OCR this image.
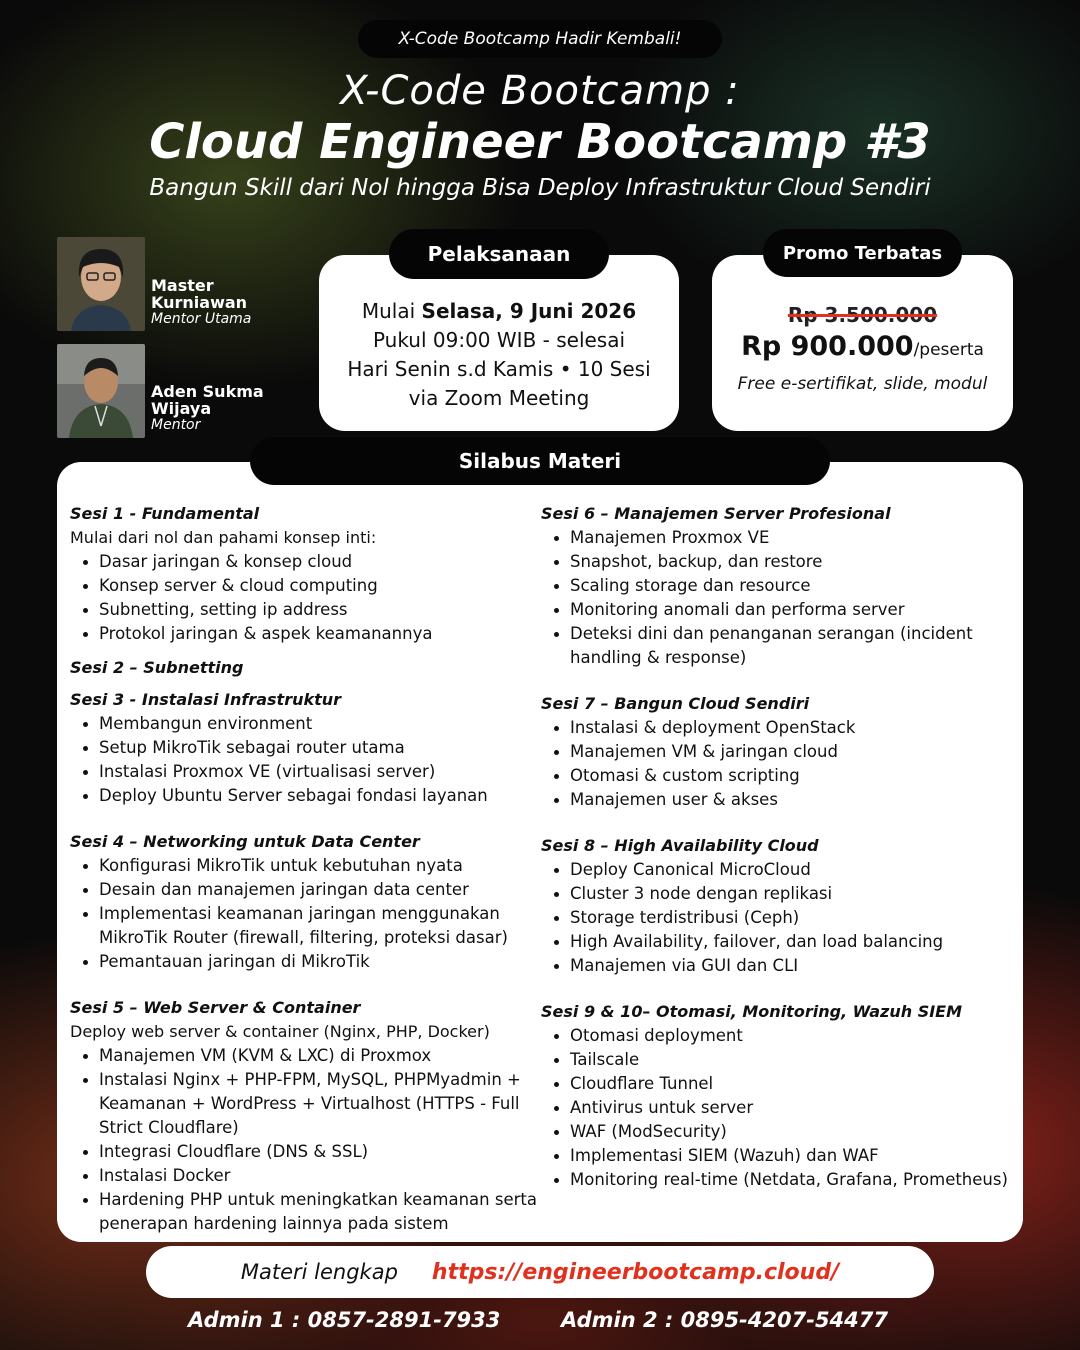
X-Code Bootcamp Hadir Kembali!
X-Code Bootcamp :
Cloud Engineer Bootcamp #3
Bangun Skill dari Nol hingga Bisa Deploy Infrastruktur Cloud Sendiri
Master
Kurniawan
Mentor Utama
Aden Sukma
Wijaya
Mentor
Mulai Selasa, 9 Juni 2026
Pukul 09:00 WIB - selesai
Hari Senin s.d Kamis • 10 Sesi
via Zoom Meeting
Pelaksanaan
Rp 3.500.000
Rp 900.000/peserta
Free e-sertifikat, slide, modul
Promo Terbatas
Silabus Materi
Sesi 1 - Fundamental
Mulai dari nol dan pahami konsep inti:
Dasar jaringan & konsep cloud
Konsep server & cloud computing
Subnetting, setting ip address
Protokol jaringan & aspek keamanannya
Sesi 2 – Subnetting
Sesi 3 - Instalasi Infrastruktur
Membangun environment
Setup MikroTik sebagai router utama
Instalasi Proxmox VE (virtualisasi server)
Deploy Ubuntu Server sebagai fondasi layanan
Sesi 4 – Networking untuk Data Center
Konfigurasi MikroTik untuk kebutuhan nyata
Desain dan manajemen jaringan data center
Implementasi keamanan jaringan menggunakan MikroTik Router (firewall, filtering, proteksi dasar)
Pemantauan jaringan di MikroTik
Sesi 5 – Web Server & Container
Deploy web server & container (Nginx, PHP, Docker)
Manajemen VM (KVM & LXC) di Proxmox
Instalasi Nginx + PHP-FPM, MySQL, PHPMyadmin + Keamanan + WordPress + Virtualhost (HTTPS - Full Strict Cloudflare)
Integrasi Cloudflare (DNS & SSL)
Instalasi Docker
Hardening PHP untuk meningkatkan keamanan serta penerapan hardening lainnya pada sistem
Sesi 6 – Manajemen Server Profesional
Manajemen Proxmox VE
Snapshot, backup, dan restore
Scaling storage dan resource
Monitoring anomali dan performa server
Deteksi dini dan penanganan serangan (incident handling & response)
Sesi 7 – Bangun Cloud Sendiri
Instalasi & deployment OpenStack
Manajemen VM & jaringan cloud
Otomasi & custom scripting
Manajemen user & akses
Sesi 8 – High Availability Cloud
Deploy Canonical MicroCloud
Cluster 3 node dengan replikasi
Storage terdistribusi (Ceph)
High Availability, failover, dan load balancing
Manajemen via GUI dan CLI
Sesi 9 & 10– Otomasi, Monitoring, Wazuh SIEM
Otomasi deployment
Tailscale
Cloudflare Tunnel
Antivirus untuk server
WAF (ModSecurity)
Implementasi SIEM (Wazuh) dan WAF
Monitoring real-time (Netdata, Grafana, Prometheus)
Materi lengkap https://engineerbootcamp.cloud/
Admin 1 : 0857-2891-7933	Admin 2 : 0895-4207-54477
